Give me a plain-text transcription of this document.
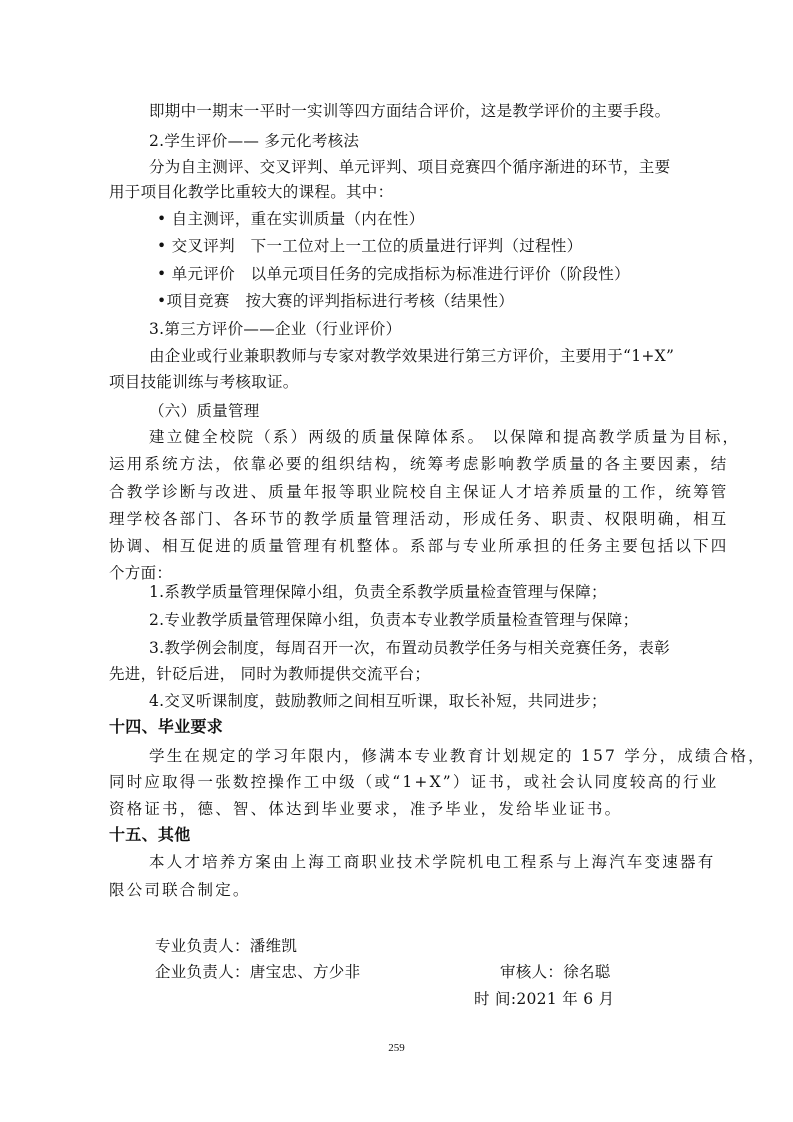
即期中一期末一平时一实训等四方面结合评价，这是教学评价的主要手段。
2.学生评价—— 多元化考核法
分为自主测评、交叉评判、单元评判、项目竞赛四个循序渐进的环节，主要
用于项目化教学比重较大的课程。其中：
• 自主测评，重在实训质量（内在性）
• 交叉评判　下一工位对上一工位的质量进行评判（过程性）
• 单元评价　以单元项目任务的完成指标为标准进行评价（阶段性）
•项目竞赛　按大赛的评判指标进行考核（结果性）
3.第三方评价——企业（行业评价）
由企业或行业兼职教师与专家对教学效果进行第三方评价，主要用于“1+X”
项目技能训练与考核取证。
（六）质量管理
建立健全校院（系）两级的质量保障体系。 以保障和提高教学质量为目标，
运用系统方法，依靠必要的组织结构，统筹考虑影响教学质量的各主要因素，结
合教学诊断与改进、质量年报等职业院校自主保证人才培养质量的工作，统筹管
理学校各部门、各环节的教学质量管理活动，形成任务、职责、权限明确，相互
协调、相互促进的质量管理有机整体。系部与专业所承担的任务主要包括以下四
个方面：
1.系教学质量管理保障小组，负责全系教学质量检查管理与保障；
2.专业教学质量管理保障小组，负责本专业教学质量检查管理与保障；
3.教学例会制度，每周召开一次，布置动员教学任务与相关竞赛任务，表彰
先进，针砭后进， 同时为教师提供交流平台；
4.交叉听课制度，鼓励教师之间相互听课，取长补短，共同进步；
十四、毕业要求
学生在规定的学习年限内，修满本专业教育计划规定的 157 学分，成绩合格，
同时应取得一张数控操作工中级（或“1+X”）证书，或社会认同度较高的行业
资格证书，德、智、体达到毕业要求，准予毕业，发给毕业证书。
十五、其他
本人才培养方案由上海工商职业技术学院机电工程系与上海汽车变速器有
限公司联合制定。
专业负责人：潘维凯
企业负责人：唐宝忠、方少非	审核人：徐名聪
时 间:2021 年 6 月
259
